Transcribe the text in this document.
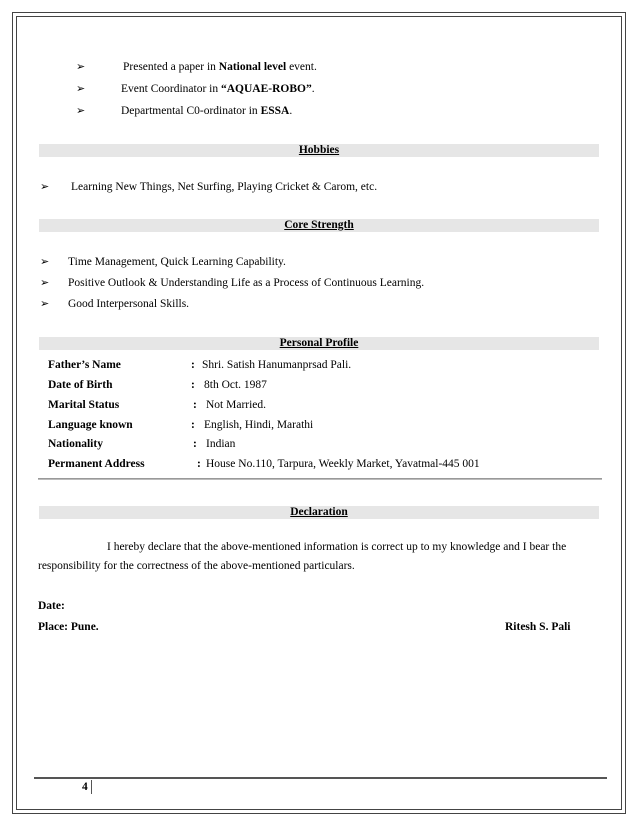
➢	Presented a paper in National level event.
➢	Event Coordinator in “AQUAE-ROBO”.
➢	Departmental C0-ordinator in ESSA.
Hobbies
➢ Learning New Things, Net Surfing, Playing Cricket & Carom, etc.
Core Strength
➢ Time Management, Quick Learning Capability.
➢ Positive Outlook & Understanding Life as a Process of Continuous Learning.
➢ Good Interpersonal Skills.
Personal Profile
Father’s Name	: Shri. Satish Hanumanprsad Pali.
Date of Birth	: 8th Oct. 1987
Marital Status	: Not Married.
Language known	: English, Hindi, Marathi
Nationality	: Indian
Permanent Address	: House No.110, Tarpura, Weekly Market, Yavatmal-445 001
Declaration
I hereby declare that the above-mentioned information is correct up to my knowledge and I bear the
responsibility for the correctness of the above-mentioned particulars.
Date:
Place: Pune.	Ritesh S. Pali
4
